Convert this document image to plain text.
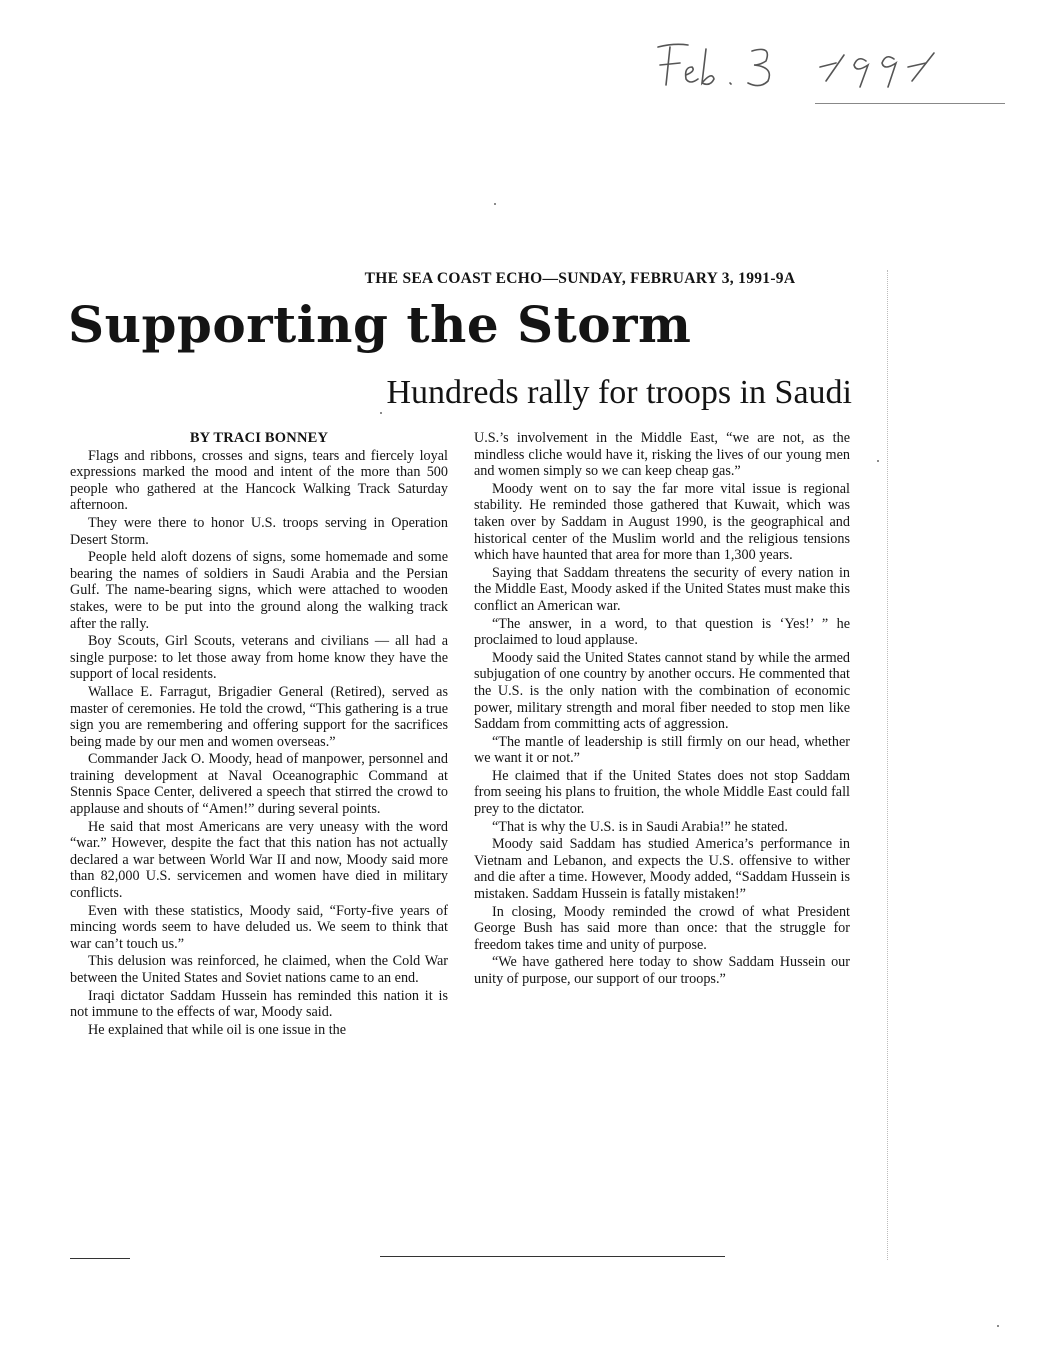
THE SEA COAST ECHO—SUNDAY, FEBRUARY 3, 1991-9A
Supporting the Storm
Hundreds rally for troops in Saudi
BY TRACI BONNEY

Flags and ribbons, crosses and signs, tears and fiercely loyal expressions marked the mood and intent of the more than 500 people who gathered at the Hancock Walking Track Saturday afternoon.

They were there to honor U.S. troops serving in Operation Desert Storm.

People held aloft dozens of signs, some homemade and some bearing the names of soldiers in Saudi Arabia and the Persian Gulf. The name-bearing signs, which were attached to wooden stakes, were to be put into the ground along the walking track after the rally.

Boy Scouts, Girl Scouts, veterans and civilians — all had a single purpose: to let those away from home know they have the support of local residents.

Wallace E. Farragut, Brigadier General (Retired), served as master of ceremonies. He told the crowd, “This gathering is a true sign you are remembering and offering support for the sacrifices being made by our men and women overseas.”

Commander Jack O. Moody, head of manpower, personnel and training development at Naval Oceanographic Command at Stennis Space Center, delivered a speech that stirred the crowd to applause and shouts of “Amen!” during several points.

He said that most Americans are very uneasy with the word “war.” However, despite the fact that this nation has not actually declared a war between World War II and now, Moody said more than 82,000 U.S. servicemen and women have died in military conflicts.

Even with these statistics, Moody said, “Forty-five years of mincing words seem to have deluded us. We seem to think that war can’t touch us.”

This delusion was reinforced, he claimed, when the Cold War between the United States and Soviet nations came to an end.

Iraqi dictator Saddam Hussein has reminded this nation it is not immune to the effects of war, Moody said.

He explained that while oil is one issue in the

U.S.’s involvement in the Middle East, “we are not, as the mindless cliche would have it, risking the lives of our young men and women simply so we can keep cheap gas.”

Moody went on to say the far more vital issue is regional stability. He reminded those gathered that Kuwait, which was taken over by Saddam in August 1990, is the geographical and historical center of the Muslim world and the religious tensions which have haunted that area for more than 1,300 years.

Saying that Saddam threatens the security of every nation in the Middle East, Moody asked if the United States must make this conflict an American war.

“The answer, in a word, to that question is ‘Yes!’ ” he proclaimed to loud applause.

Moody said the United States cannot stand by while the armed subjugation of one country by another occurs. He commented that the U.S. is the only nation with the combination of economic power, military strength and moral fiber needed to stop men like Saddam from committing acts of aggression.

“The mantle of leadership is still firmly on our head, whether we want it or not.”

He claimed that if the United States does not stop Saddam from seeing his plans to fruition, the whole Middle East could fall prey to the dictator.

“That is why the U.S. is in Saudi Arabia!” he stated.

Moody said Saddam has studied America’s performance in Vietnam and Lebanon, and expects the U.S. offensive to wither and die after a time. However, Moody added, “Saddam Hussein is mistaken. Saddam Hussein is fatally mistaken!”

In closing, Moody reminded the crowd of what President George Bush has said more than once: that the struggle for freedom takes time and unity of purpose.

“We have gathered here today to show Saddam Hussein our unity of purpose, our support of our troops.”
